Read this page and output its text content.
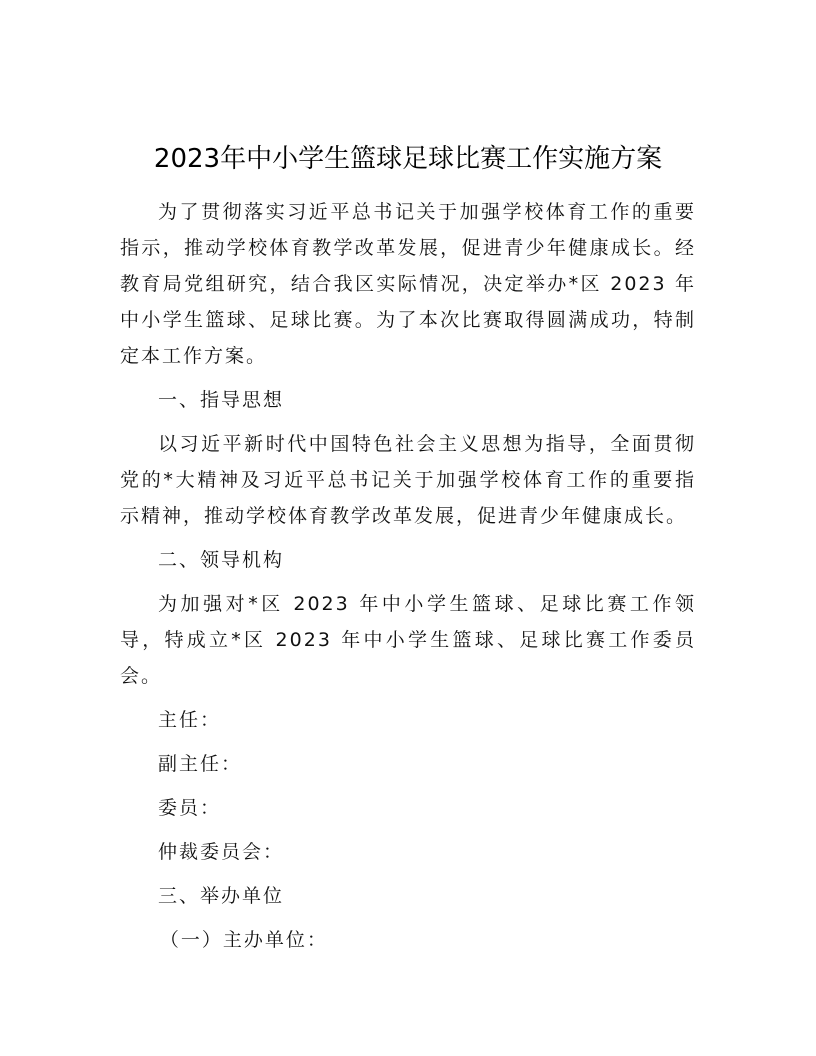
2023年中小学生篮球足球比赛工作实施方案

为了贯彻落实习近平总书记关于加强学校体育工作的重要指示，推动学校体育教学改革发展，促进青少年健康成长。经教育局党组研究，结合我区实际情况，决定举办*区 2023 年中小学生篮球、足球比赛。为了本次比赛取得圆满成功，特制定本工作方案。

一、指导思想

以习近平新时代中国特色社会主义思想为指导，全面贯彻党的*大精神及习近平总书记关于加强学校体育工作的重要指示精神，推动学校体育教学改革发展，促进青少年健康成长。

二、领导机构

为加强对*区 2023 年中小学生篮球、足球比赛工作领导，特成立*区 2023 年中小学生篮球、足球比赛工作委员会。

主任：

副主任：

委员：

仲裁委员会：

三、举办单位

（一）主办单位：
